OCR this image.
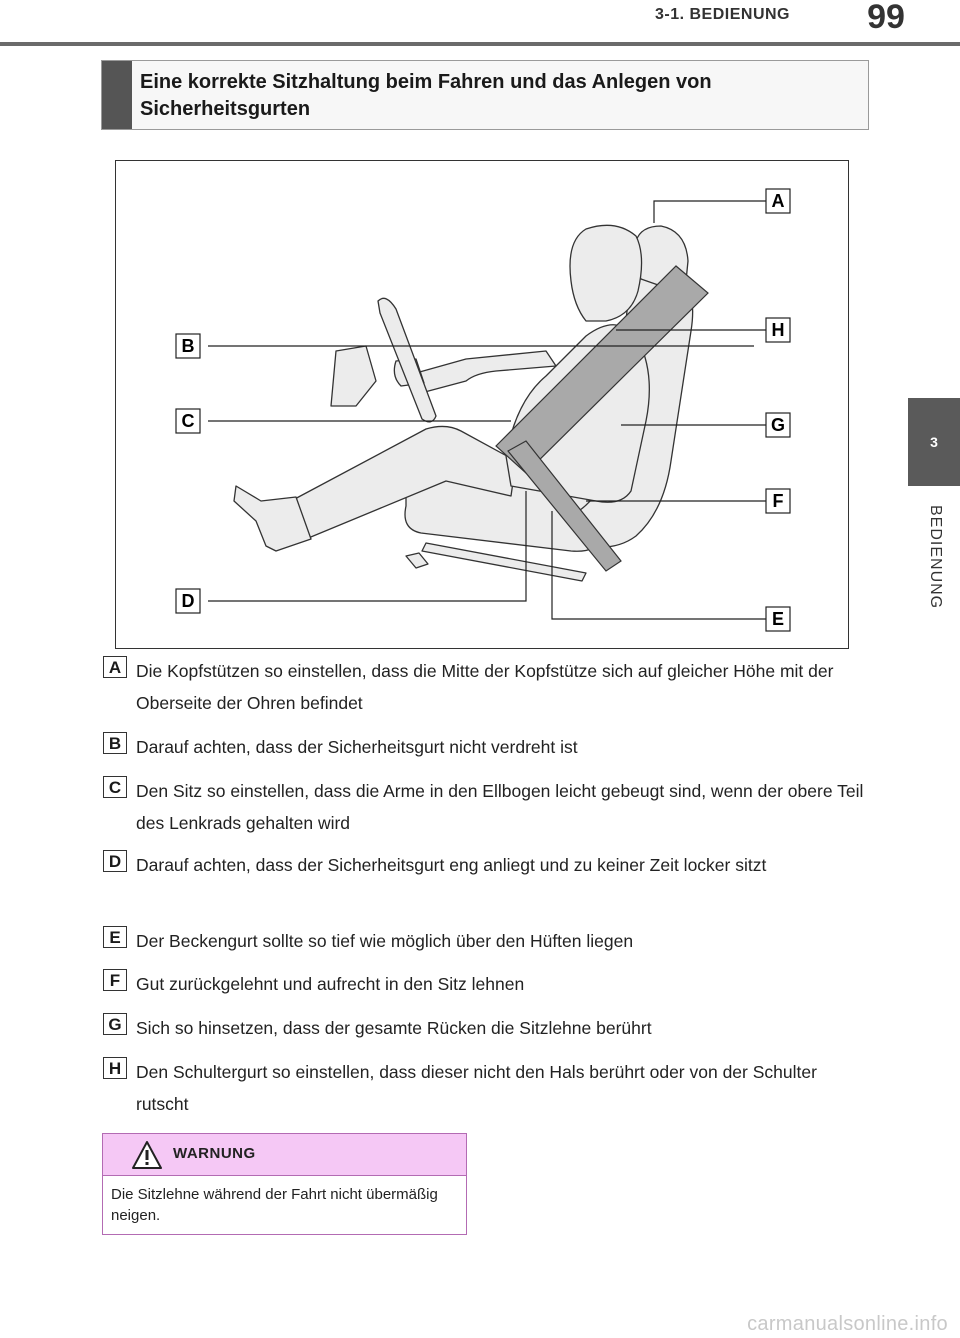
3-1. BEDIENUNG	99
3
BEDIENUNG
Eine korrekte Sitzhaltung beim Fahren und das Anlegen von Sicherheitsgurten
A
B
C
D
E
F
G
H
A Die Kopfstützen so einstellen, dass die Mitte der Kopfstütze sich auf gleicher Höhe mit der Oberseite der Ohren befindet
B Darauf achten, dass der Sicherheitsgurt nicht verdreht ist
C Den Sitz so einstellen, dass die Arme in den Ellbogen leicht gebeugt sind, wenn der obere Teil des Lenkrads gehalten wird
D Darauf achten, dass der Sicherheitsgurt eng anliegt und zu keiner Zeit locker sitzt
E Der Beckengurt sollte so tief wie möglich über den Hüften liegen
F Gut zurückgelehnt und aufrecht in den Sitz lehnen
G Sich so hinsetzen, dass der gesamte Rücken die Sitzlehne berührt
H Den Schultergurt so einstellen, dass dieser nicht den Hals berührt oder von der Schulter rutscht
WARNUNG
Die Sitzlehne während der Fahrt nicht übermäßig neigen.
carmanualsonline.info
